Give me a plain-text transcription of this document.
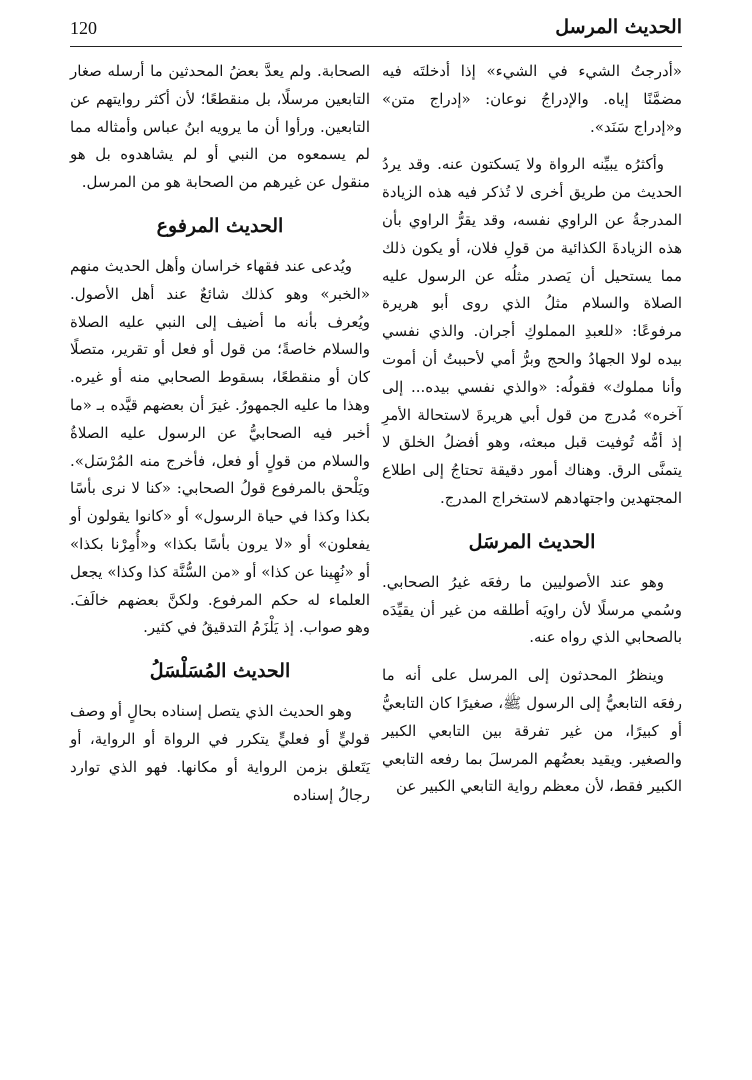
الحديث المرسل
120

«أدرجتُ الشيء في الشيء» إذا أدخلتَه فيه مضمَّنًا إياه. والإدراجُ نوعان: «إدراج متن» و«إدراج سَنَد».

وأكثرُه يبيِّنه الرواة ولا يَسكتون عنه. وقد يردُ الحديث من طريق أخرى لا تُذكر فيه هذه الزيادة المدرجةُ عن الراوي نفسه، وقد يقرُّ الراوي بأن هذه الزيادةَ الكذائية من قولِ فلان، أو يكون ذلك مما يستحيل أن يَصدر مثلُه عن الرسول عليه الصلاة والسلام مثلُ الذي روى أبو هريرة مرفوعًا: «للعبدِ المملوكِ أجران. والذي نفسي بيده لولا الجهادُ والحج وبرُّ أمي لأحببتُ أن أموت وأنا مملوك» فقولُه: «والذي نفسي بيده... إلى آخره» مُدرج من قول أبي هريرةَ لاستحالة الأمرِ إذ أمُّه تُوفيت قبل مبعثه، وهو أفضلُ الخلق لا يتمنَّى الرق. وهناك أمور دقيقة تحتاجُ إلى اطلاع المجتهدين واجتهادهم لاستخراج المدرج.

الحديث المرسَل

وهو عند الأصوليين ما رفعَه غيرُ الصحابي. وسُمي مرسلًا لأن راويَه أطلقه من غير أن يقيِّدَه بالصحابي الذي رواه عنه.

وينظرُ المحدثون إلى المرسل على أنه ما رفعَه التابعيُّ إلى الرسول ﷺ، صغيرًا كان التابعيُّ أو كبيرًا، من غير تفرقة بين التابعي الكبير والصغير. ويقيد بعضُهم المرسلَ بما رفعه التابعي الكبير فقط، لأن معظم رواية التابعي الكبير عن

الصحابة. ولم يعدَّ بعضُ المحدثين ما أرسله صغار التابعين مرسلًا، بل منقطعًا؛ لأن أكثر روايتهم عن التابعين. ورأوا أن ما يرويه ابنُ عباس وأمثاله مما لم يسمعوه من النبي أو لم يشاهدوه بل هو منقول عن غيرهم من الصحابة هو من المرسل.

الحديث المرفوع

ويُدعى عند فقهاء خراسان وأهل الحديث منهم «الخبر» وهو كذلك شائعٌ عند أهل الأصول. ويُعرف بأنه ما أضيف إلى النبي عليه الصلاة والسلام خاصةً؛ من قول أو فعل أو تقرير، متصلًا كان أو منقطعًا، بسقوط الصحابي منه أو غيره. وهذا ما عليه الجمهورُ. غيرَ أن بعضهم قيَّده بـ «ما أخبر فيه الصحابيُّ عن الرسول عليه الصلاةُ والسلام من قولٍ أو فعل، فأخرج منه المُرْسَل». ويَلْحق بالمرفوع قولُ الصحابي: «كنا لا نرى بأسًا بكذا وكذا في حياة الرسول» أو «كانوا يقولون أو يفعلون» أو «لا يرون بأسًا بكذا» و«أُمِرْنا بكذا» أو «نُهِينا عن كذا» أو «من السُّنَّة كذا وكذا» يجعل العلماء له حكم المرفوع. ولكنَّ بعضهم خالَفَ. وهو صواب. إذ يَلْزَمُ التدقيقُ في كثير.

الحديث المُسَلْسَلُ

وهو الحديث الذي يتصل إسناده بحالٍ أو وصف قوليٍّ أو فعليٍّ يتكرر في الرواة أو الرواية، أو يَتَعلق بزمن الرواية أو مكانها. فهو الذي توارد رجالُ إسناده
